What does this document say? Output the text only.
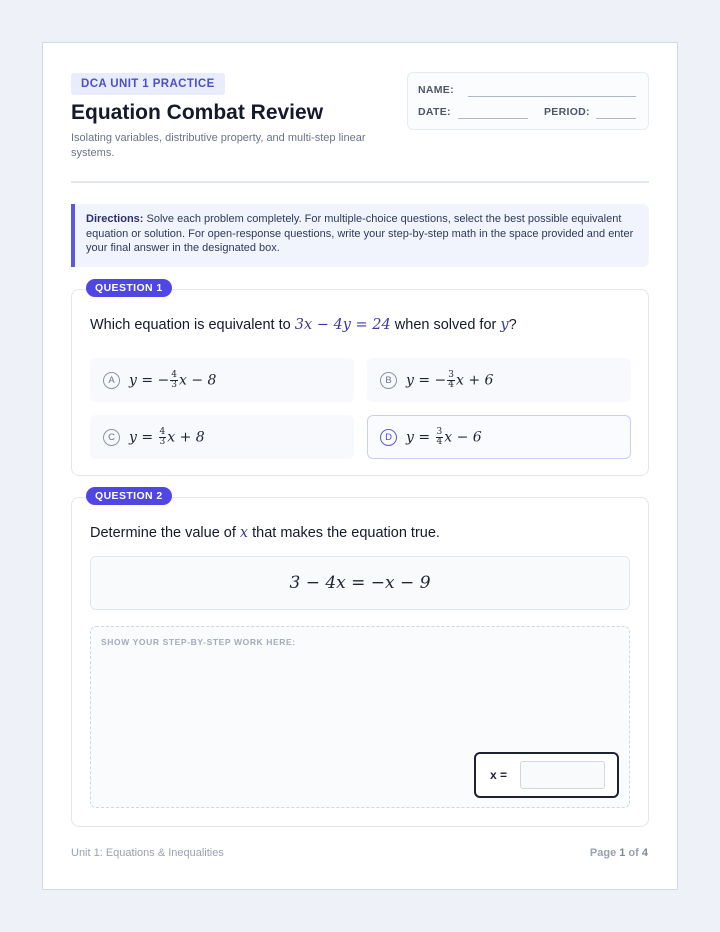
DCA UNIT 1 PRACTICE
Equation Combat Review
Isolating variables, distributive property, and multi-step linear systems.
NAME:
DATE:	PERIOD:
Directions: Solve each problem completely. For multiple-choice questions, select the best possible equivalent equation or solution. For open-response questions, write your step-by-step math in the space provided and enter your final answer in the designated box.
QUESTION 1
Which equation is equivalent to 3x − 4y = 24 when solved for y?
A	y = − $\frac{4}{3}$ x − 8	B	y = − $\frac{3}{4}$ x + 6
C	$y = \frac{4}{3}$ x + 8	D	$y = \frac{3}{4}$ x − 6
QUESTION 2
Determine the value of x that makes the equation true.
3 − 4x = −x − 9
SHOW YOUR STEP-BY-STEP WORK HERE:
x =
Unit 1: Equations & Inequalities	Page 1 of 4
